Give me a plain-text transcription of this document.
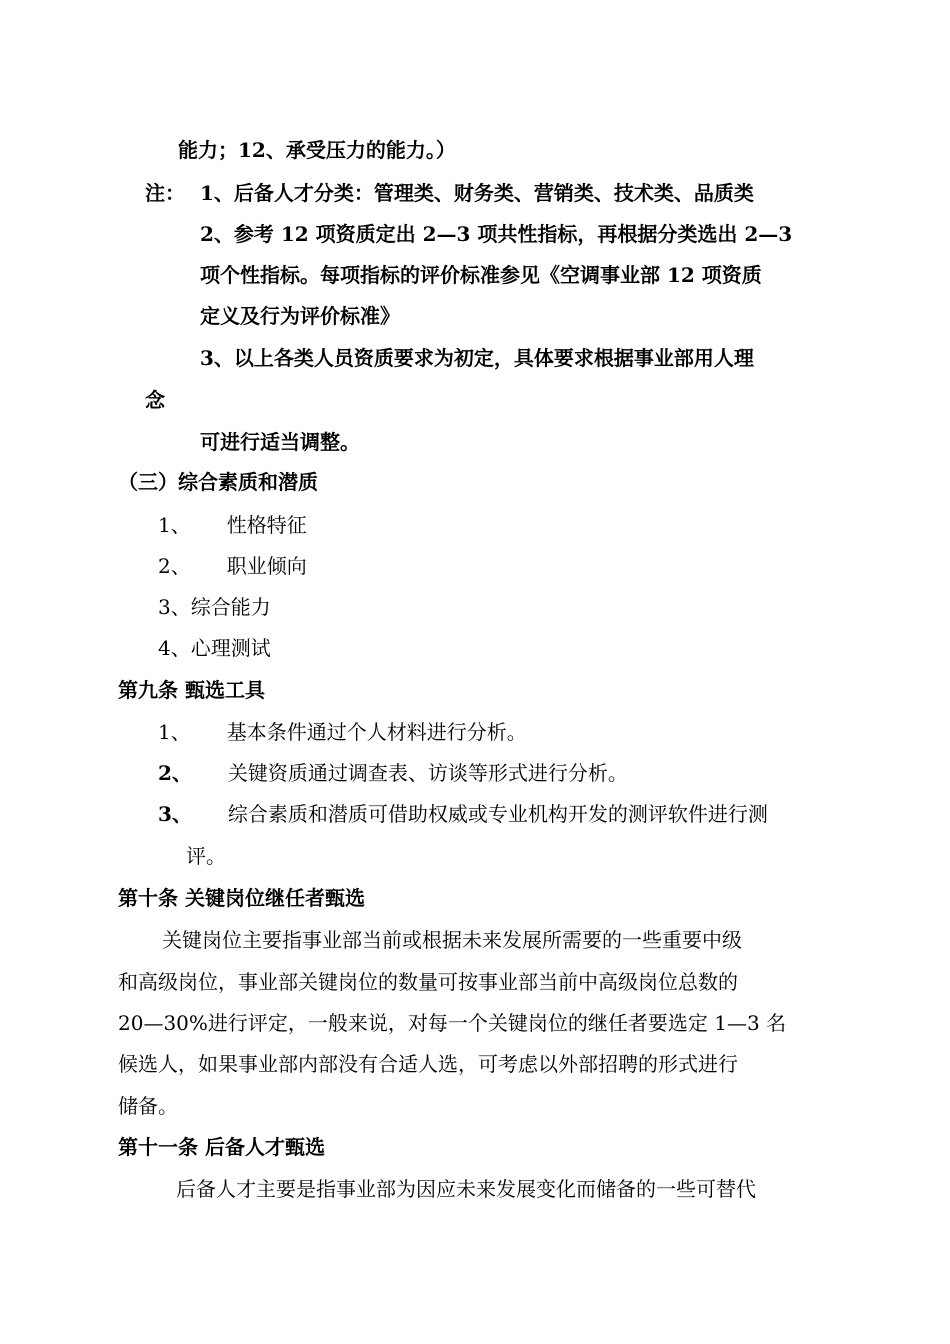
能力；12、承受压力的能力。）
注： 1、后备人才分类：管理类、财务类、营销类、技术类、品质类
2、参考 12 项资质定出 2—3 项共性指标，再根据分类选出 2—3
项个性指标。每项指标的评价标准参见《空调事业部 12 项资质
定义及行为评价标准》
3、以上各类人员资质要求为初定，具体要求根据事业部用人理
念
可进行适当调整。
（三）综合素质和潜质
1、 性格特征
2、 职业倾向
3、综合能力
4、心理测试
第九条 甄选工具
1、 基本条件通过个人材料进行分析。
2、 关键资质通过调查表、访谈等形式进行分析。
3、 综合素质和潜质可借助权威或专业机构开发的测评软件进行测
评。
第十条 关键岗位继任者甄选
关键岗位主要指事业部当前或根据未来发展所需要的一些重要中级
和高级岗位，事业部关键岗位的数量可按事业部当前中高级岗位总数的
20—30%进行评定，一般来说，对每一个关键岗位的继任者要选定 1—3 名
候选人，如果事业部内部没有合适人选，可考虑以外部招聘的形式进行
储备。
第十一条 后备人才甄选
后备人才主要是指事业部为因应未来发展变化而储备的一些可替代
